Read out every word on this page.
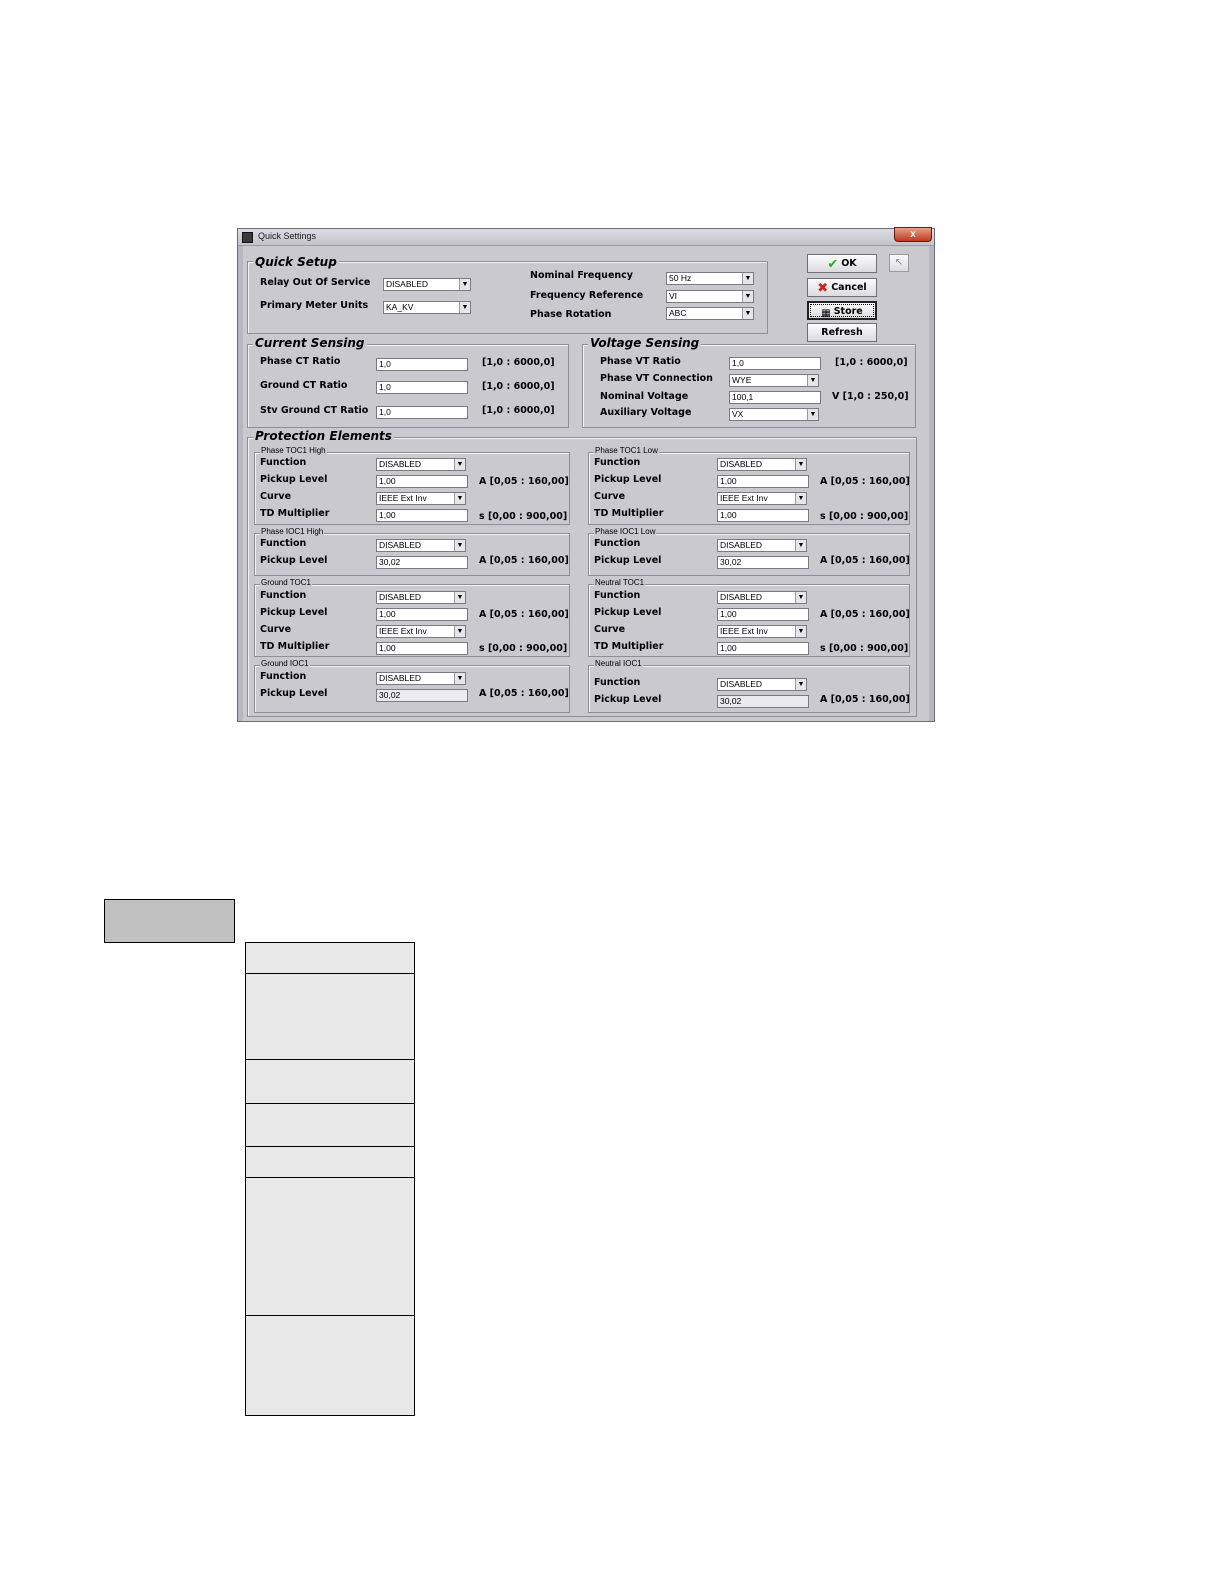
Quick Settings	x
Quick Setup
Relay Out Of Service	DISABLED	▼
Primary Meter Units	KA_KV	▼
Nominal Frequency	50 Hz	▼
Frequency Reference	VI	▼
Phase Rotation	ABC	▼
✔ OK	↖
✖ Cancel
▦ Store
Refresh
Current Sensing
Phase CT Ratio	1,0	[1,0 : 6000,0]
Ground CT Ratio	1,0	[1,0 : 6000,0]
Stv Ground CT Ratio	1,0	[1,0 : 6000,0]
Voltage Sensing
Phase VT Ratio	1,0	[1,0 : 6000,0]
Phase VT Connection	WYE	▼
Nominal Voltage	100,1	V [1,0 : 250,0]
Auxiliary Voltage	VX	▼
Protection Elements
Phase TOC1 High
Function	DISABLED	▼
Pickup Level	1,00	A [0,05 : 160,00]
Curve	IEEE Ext Inv	▼
TD Multiplier	1,00	s [0,00 : 900,00]
Phase TOC1 Low
Function	DISABLED	▼
Pickup Level	1,00	A [0,05 : 160,00]
Curve	IEEE Ext Inv	▼
TD Multiplier	1,00	s [0,00 : 900,00]
Phase IOC1 High
Function	DISABLED	▼
Pickup Level	30,02	A [0,05 : 160,00]
Phase IOC1 Low
Function	DISABLED	▼
Pickup Level	30,02	A [0,05 : 160,00]
Ground TOC1
Function	DISABLED	▼
Pickup Level	1,00	A [0,05 : 160,00]
Curve	IEEE Ext Inv	▼
TD Multiplier	1,00	s [0,00 : 900,00]
Neutral TOC1
Function	DISABLED	▼
Pickup Level	1,00	A [0,05 : 160,00]
Curve	IEEE Ext Inv	▼
TD Multiplier	1,00	s [0,00 : 900,00]
Ground IOC1
Function	DISABLED	▼
Pickup Level	30,02	A [0,05 : 160,00]
Neutral IOC1
Function	DISABLED	▼
Pickup Level	30,02	A [0,05 : 160,00]
